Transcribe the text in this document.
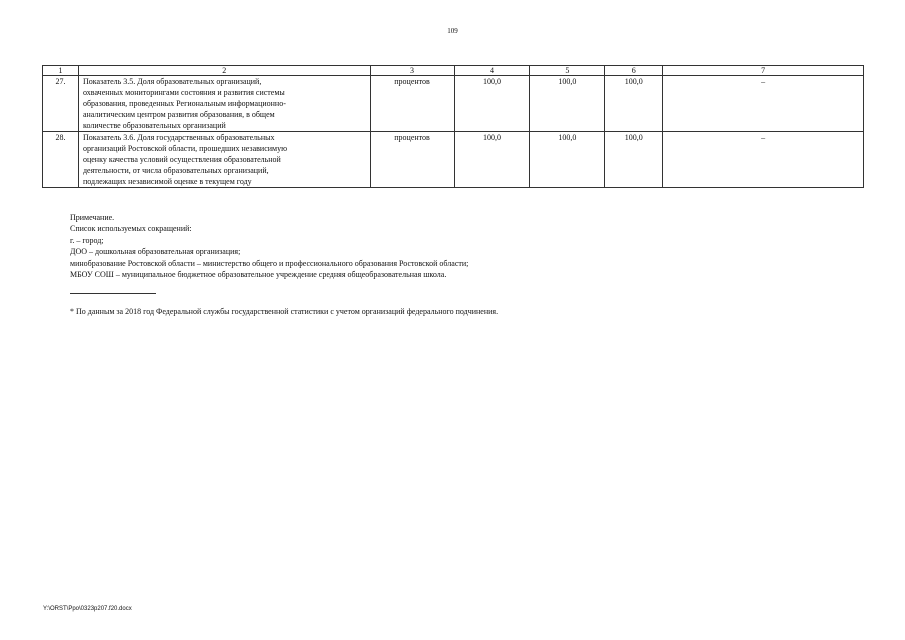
109
1	2	3	4	5	6	7
27.	Показатель 3.5. Доля образовательных организаций,
охваченных мониторингами состояния и развития системы
образования, проведенных Региональным информационно-
аналитическим центром развития образования, в общем
количестве образовательных организаций	процентов	100,0	100,0	100,0	–
28.	Показатель 3.6. Доля государственных образовательных
организаций Ростовской области, прошедших независимую
оценку качества условий осуществления образовательной
деятельности, от числа образовательных организаций,
подлежащих независимой оценке в текущем году	процентов	100,0	100,0	100,0	–
Примечание.
Список используемых сокращений:
г. – город;
ДОО – дошкольная образовательная организация;
минобразование Ростовской области – министерство общего и профессионального образования Ростовской области;
МБОУ СОШ – муниципальное бюджетное образовательное учреждение средняя общеобразовательная школа.
* По данным за 2018 год Федеральной службы государственной статистики с учетом организаций федерального подчинения.
Y:\ORST\Ppo\0323p207.f20.docx
